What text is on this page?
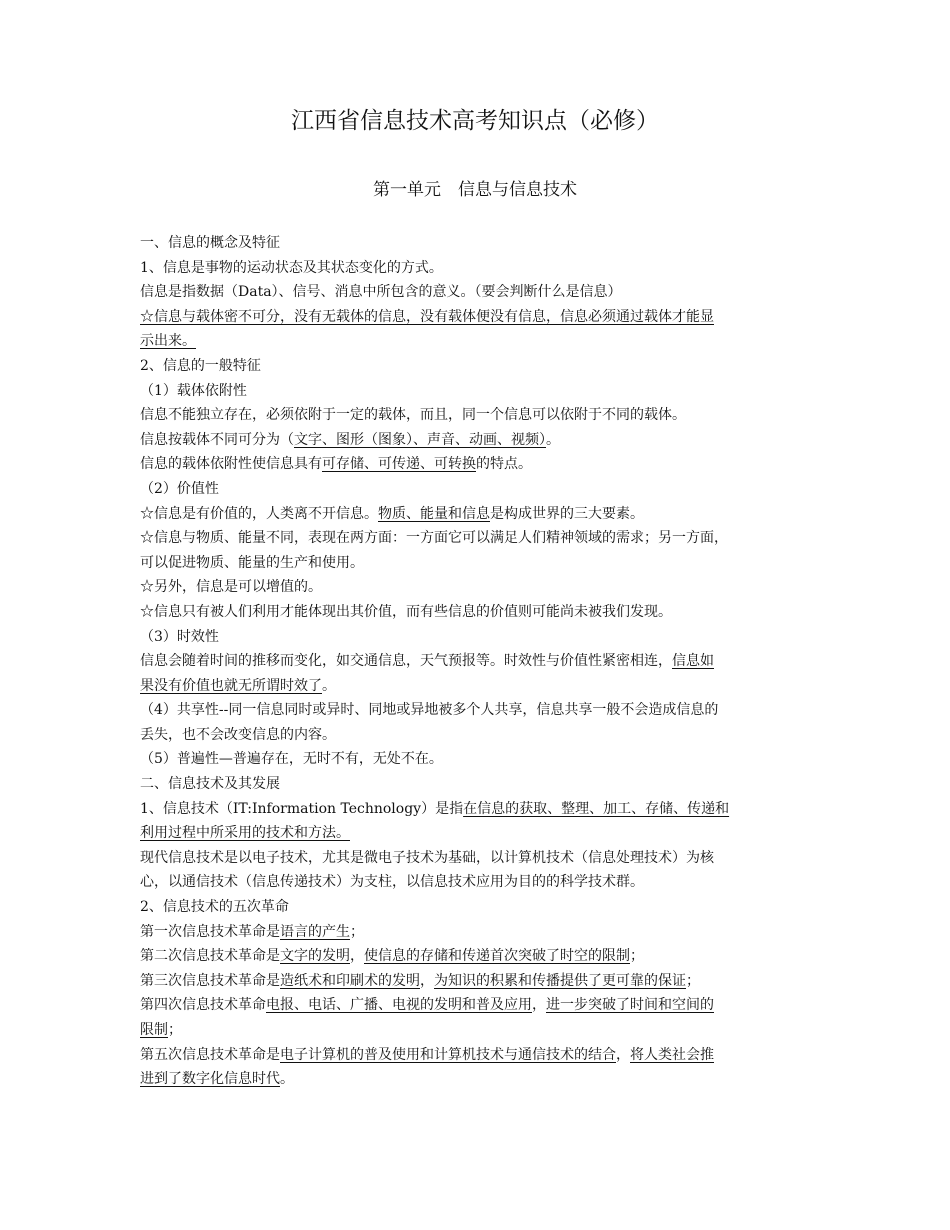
江西省信息技术高考知识点（必修）
第一单元　信息与信息技术
一、信息的概念及特征
1、信息是事物的运动状态及其状态变化的方式。
信息是指数据（Data）、信号、消息中所包含的意义。（要会判断什么是信息）
☆信息与载体密不可分，没有无载体的信息，没有载体便没有信息，信息必须通过载体才能显
示出来。
2、信息的一般特征
（1）载体依附性
信息不能独立存在，必须依附于一定的载体，而且，同一个信息可以依附于不同的载体。
信息按载体不同可分为（文字、图形（图象）、声音、动画、视频）。
信息的载体依附性使信息具有可存储、可传递、可转换的特点。
（2）价值性
☆信息是有价值的，人类离不开信息。物质、能量和信息是构成世界的三大要素。
☆信息与物质、能量不同，表现在两方面：一方面它可以满足人们精神领域的需求；另一方面，
可以促进物质、能量的生产和使用。
☆另外，信息是可以增值的。
☆信息只有被人们利用才能体现出其价值，而有些信息的价值则可能尚未被我们发现。
（3）时效性
信息会随着时间的推移而变化，如交通信息，天气预报等。时效性与价值性紧密相连，信息如
果没有价值也就无所谓时效了。
（4）共享性--同一信息同时或异时、同地或异地被多个人共享，信息共享一般不会造成信息的
丢失，也不会改变信息的内容。
（5）普遍性—普遍存在，无时不有，无处不在。
二、信息技术及其发展
1、信息技术（IT:Information Technology）是指在信息的获取、整理、加工、存储、传递和
利用过程中所采用的技术和方法。
现代信息技术是以电子技术，尤其是微电子技术为基础，以计算机技术（信息处理技术）为核
心，以通信技术（信息传递技术）为支柱，以信息技术应用为目的的科学技术群。
2、信息技术的五次革命
第一次信息技术革命是语言的产生；
第二次信息技术革命是文字的发明，使信息的存储和传递首次突破了时空的限制；
第三次信息技术革命是造纸术和印刷术的发明，为知识的积累和传播提供了更可靠的保证；
第四次信息技术革命电报、电话、广播、电视的发明和普及应用，进一步突破了时间和空间的
限制；
第五次信息技术革命是电子计算机的普及使用和计算机技术与通信技术的结合，将人类社会推
进到了数字化信息时代。
